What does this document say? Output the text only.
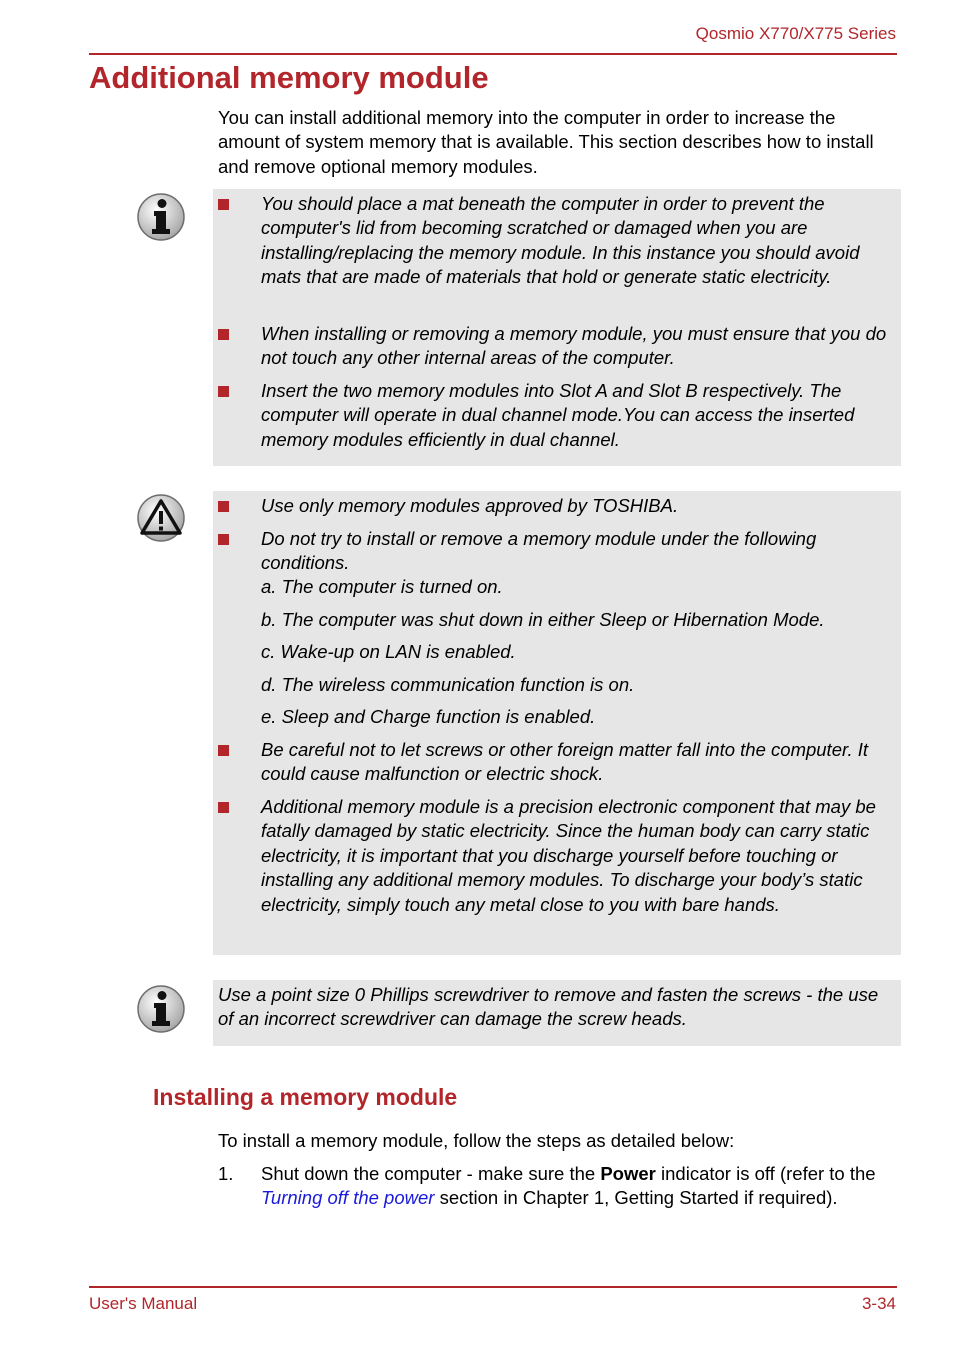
Qosmio X770/X775 Series
Additional memory module

You can install additional memory into the computer in order to increase the amount of system memory that is available. This section describes how to install and remove optional memory modules.

You should place a mat beneath the computer in order to prevent the computer's lid from becoming scratched or damaged when you are installing/replacing the memory module. In this instance you should avoid mats that are made of materials that hold or generate static electricity.
When installing or removing a memory module, you must ensure that you do not touch any other internal areas of the computer.
Insert the two memory modules into Slot A and Slot B respectively. The computer will operate in dual channel mode.You can access the inserted memory modules efficiently in dual channel.
Use only memory modules approved by TOSHIBA.
Do not try to install or remove a memory module under the following conditions.
a. The computer is turned on.
b. The computer was shut down in either Sleep or Hibernation Mode.
c. Wake-up on LAN is enabled.
d. The wireless communication function is on.
e. Sleep and Charge function is enabled.
Be careful not to let screws or other foreign matter fall into the computer. It could cause malfunction or electric shock.
Additional memory module is a precision electronic component that may be fatally damaged by static electricity. Since the human body can carry static electricity, it is important that you discharge yourself before touching or installing any additional memory modules. To discharge your body’s static electricity, simply touch any metal close to you with bare hands.
Use a point size 0 Phillips screwdriver to remove and fasten the screws - the use of an incorrect screwdriver can damage the screw heads.
Installing a memory module
To install a memory module, follow the steps as detailed below:
1. Shut down the computer - make sure the Power indicator is off (refer to the Turning off the power section in Chapter 1, Getting Started if required).
User's Manual	3-34
